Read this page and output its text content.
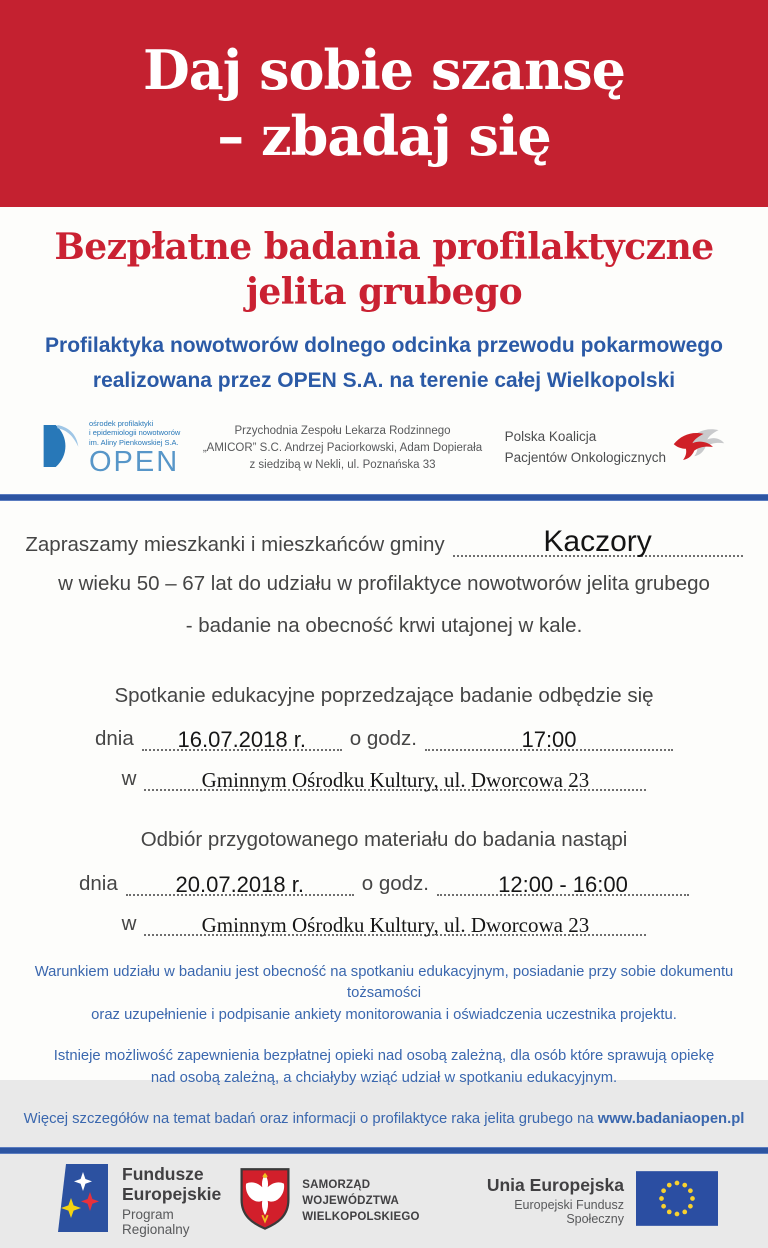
Daj sobie szansę
– zbadaj się
Bezpłatne badania profilaktyczne
jelita grubego
Profilaktyka nowotworów dolnego odcinka przewodu pokarmowego
realizowana przez OPEN S.A. na terenie całej Wielkopolski
ośrodek profilaktyki
i epidemiologii nowotworów
im. Aliny Pienkowskiej S.A.
OPEN
Przychodnia Zespołu Lekarza Rodzinnego
„AMICOR” S.C. Andrzej Paciorkowski, Adam Dopierała
z siedzibą w Nekli, ul. Poznańska 33
Polska Koalicja
Pacjentów Onkologicznych
Zapraszamy mieszkanki i mieszkańców gminy	Kaczory
w wieku 50 – 67 lat do udziału w profilaktyce nowotworów jelita grubego
- badanie na obecność krwi utajonej w kale.
Spotkanie edukacyjne poprzedzające badanie odbędzie się
dnia 16.07.2018 r. o godz.	17:00
w	Gminnym Ośrodku Kultury, ul. Dworcowa 23
Odbiór przygotowanego materiału do badania nastąpi
dnia	20.07.2018 r.	o godz.	12:00 - 16:00
w	Gminnym Ośrodku Kultury, ul. Dworcowa 23
Warunkiem udziału w badaniu jest obecność na spotkaniu edukacyjnym, posiadanie przy sobie dokumentu tożsamości
oraz uzupełnienie i podpisanie ankiety monitorowania i oświadczenia uczestnika projektu.
Istnieje możliwość zapewnienia bezpłatnej opieki nad osobą zależną, dla osób które sprawują opiekę
nad osobą zależną, a chciałyby wziąć udział w spotkaniu edukacyjnym.
Więcej szczegółów na temat badań oraz informacji o profilaktyce raka jelita grubego na www.badaniaopen.pl
Fundusze
Europejskie
Program Regionalny
SAMORZĄD WOJEWÓDZTWA
WIELKOPOLSKIEGO
Unia Europejska
Europejski Fundusz Społeczny
